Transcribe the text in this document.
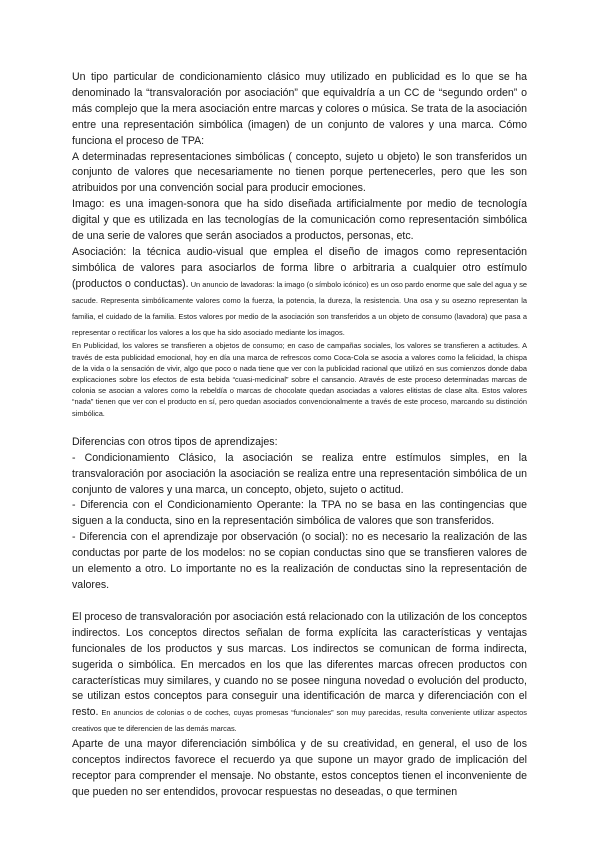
Un tipo particular de condicionamiento clásico muy utilizado en publicidad es lo que se ha denominado la “transvaloración por asociación” que equivaldría a un CC de “segundo orden” o más complejo que la mera asociación entre marcas y colores o música. Se trata de la asociación entre una representación simbólica (imagen) de un conjunto de valores y una marca. Cómo funciona el proceso de TPA:

A determinadas representaciones simbólicas ( concepto, sujeto u objeto) le son transferidos un conjunto de valores que necesariamente no tienen porque pertenecerles, pero que les son atribuidos por una convención social para producir emociones.

Imago: es una imagen-sonora que ha sido diseñada artificialmente por medio de tecnología digital y que es utilizada en las tecnologías de la comunicación como representación simbólica de una serie de valores que serán asociados a productos, personas, etc.

Asociación: la técnica audio-visual que emplea el diseño de imagos como representación simbólica de valores para asociarlos de forma libre o arbitraria a cualquier otro estímulo (productos o conductas). Un anuncio de lavadoras: la imago (o símbolo icónico) es un oso pardo enorme que sale del agua y se sacude. Representa simbólicamente valores como la fuerza, la potencia, la dureza, la resistencia. Una osa y su osezno representan la familia, el cuidado de la familia. Estos valores por medio de la asociación son transferidos a un objeto de consumo (lavadora) que pasa a representar o rectificar los valores a los que ha sido asociado mediante los imagos.

En Publicidad, los valores se transfieren a objetos de consumo; en caso de campañas sociales, los valores se transfieren a actitudes. A través de esta publicidad emocional, hoy en día una marca de refrescos como Coca-Cola se asocia a valores como la felicidad, la chispa de la vida o la sensación de vivir, algo que poco o nada tiene que ver con la publicidad racional que utilizó en sus comienzos donde daba explicaciones sobre los efectos de esta bebida “cuasi-medicinal” sobre el cansancio. Através de este proceso determinadas marcas de colonia se asocian a valores como la rebeldía o marcas de chocolate quedan asociadas a valores elitistas de clase alta. Estos valores “nada” tienen que ver con el producto en sí, pero quedan asociados convencionalmente a través de este proceso, marcando su distinción simbólica.

Diferencias con otros tipos de aprendizajes:

- Condicionamiento Clásico, la asociación se realiza entre estímulos simples, en la transvaloración por asociación la asociación se realiza entre una representación simbólica de un conjunto de valores y una marca, un concepto, objeto, sujeto o actitud.

- Diferencia con el Condicionamiento Operante: la TPA no se basa en las contingencias que siguen a la conducta, sino en la representación simbólica de valores que son transferidos.

- Diferencia con el aprendizaje por observación (o social): no es necesario la realización de las conductas por parte de los modelos: no se copian conductas sino que se transfieren valores de un elemento a otro. Lo importante no es la realización de conductas sino la representación de valores.

El proceso de transvaloración por asociación está relacionado con la utilización de los conceptos indirectos. Los conceptos directos señalan de forma explícita las características y ventajas funcionales de los productos y sus marcas. Los indirectos se comunican de forma indirecta, sugerida o simbólica. En mercados en los que las diferentes marcas ofrecen productos con características muy similares, y cuando no se posee ninguna novedad o evolución del producto, se utilizan estos conceptos para conseguir una identificación de marca y diferenciación con el resto. En anuncios de colonias o de coches, cuyas promesas “funcionales” son muy parecidas, resulta conveniente utilizar aspectos creativos que te diferencien de las demás marcas.

Aparte de una mayor diferenciación simbólica y de su creatividad, en general, el uso de los conceptos indirectos favorece el recuerdo ya que supone un mayor grado de implicación del receptor para comprender el mensaje. No obstante, estos conceptos tienen el inconveniente de que pueden no ser entendidos, provocar respuestas no deseadas, o que terminen
